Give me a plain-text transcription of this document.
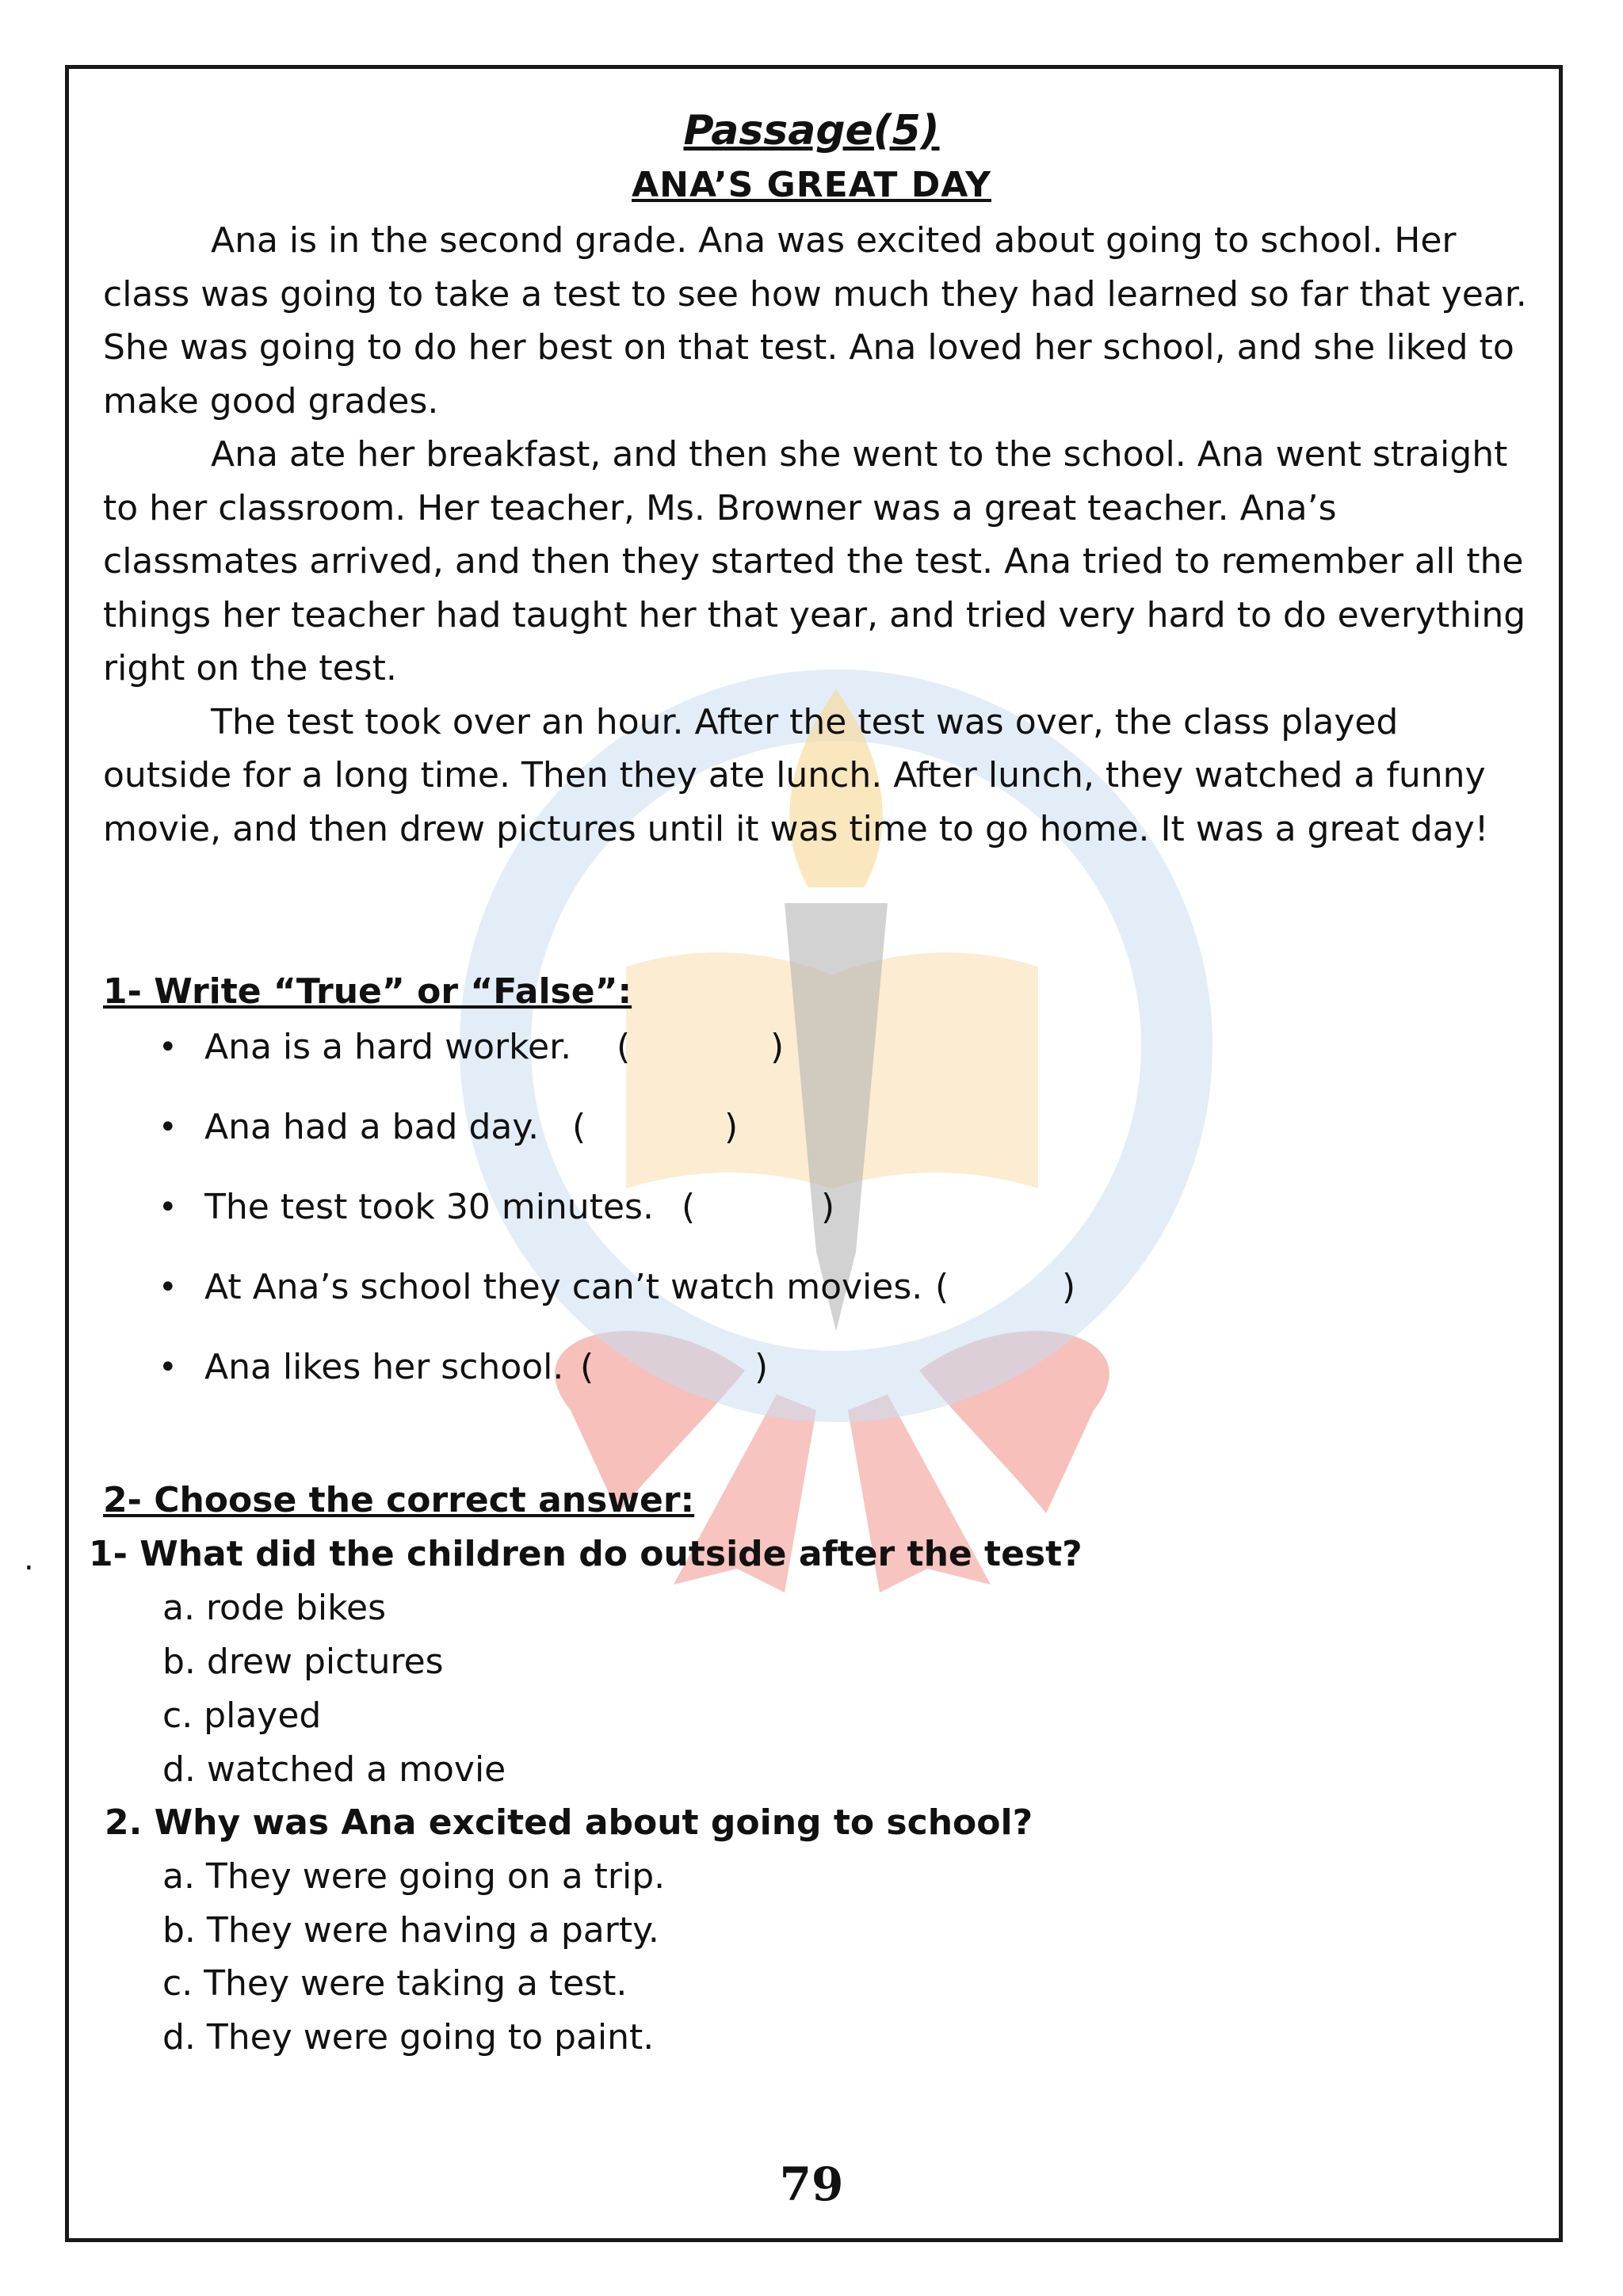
.
Passage(5)
ANA’S GREAT DAY

Ana is in the second grade. Ana was excited about going to school. Her class was going to take a test to see how much they had learned so far that year. She was going to do her best on that test. Ana loved her school, and she liked to make good grades.

Ana ate her breakfast, and then she went to the school. Ana went straight to her classroom. Her teacher, Ms. Browner was a great teacher. Ana’s classmates arrived, and then they started the test. Ana tried to remember all the things her teacher had taught her that year, and tried very hard to do everything right on the test.

The test took over an hour. After the test was over, the class played outside for a long time. Then they ate lunch. After lunch, they watched a funny movie, and then drew pictures until it was time to go home. It was a great day!

1- Write “True” or “False”:
• Ana is a hard worker. (	)
• Ana had a bad day. (	)
• The test took 30 minutes. (	)
• At Ana’s school they can’t watch movies. (	)
• Ana likes her school. (	)
2- Choose the correct answer:
1- What did the children do outside after the test?
a. rode bikes
b. drew pictures
c. played
d. watched a movie
2. Why was Ana excited about going to school?
a. They were going on a trip.
b. They were having a party.
c. They were taking a test.
d. They were going to paint.
79
